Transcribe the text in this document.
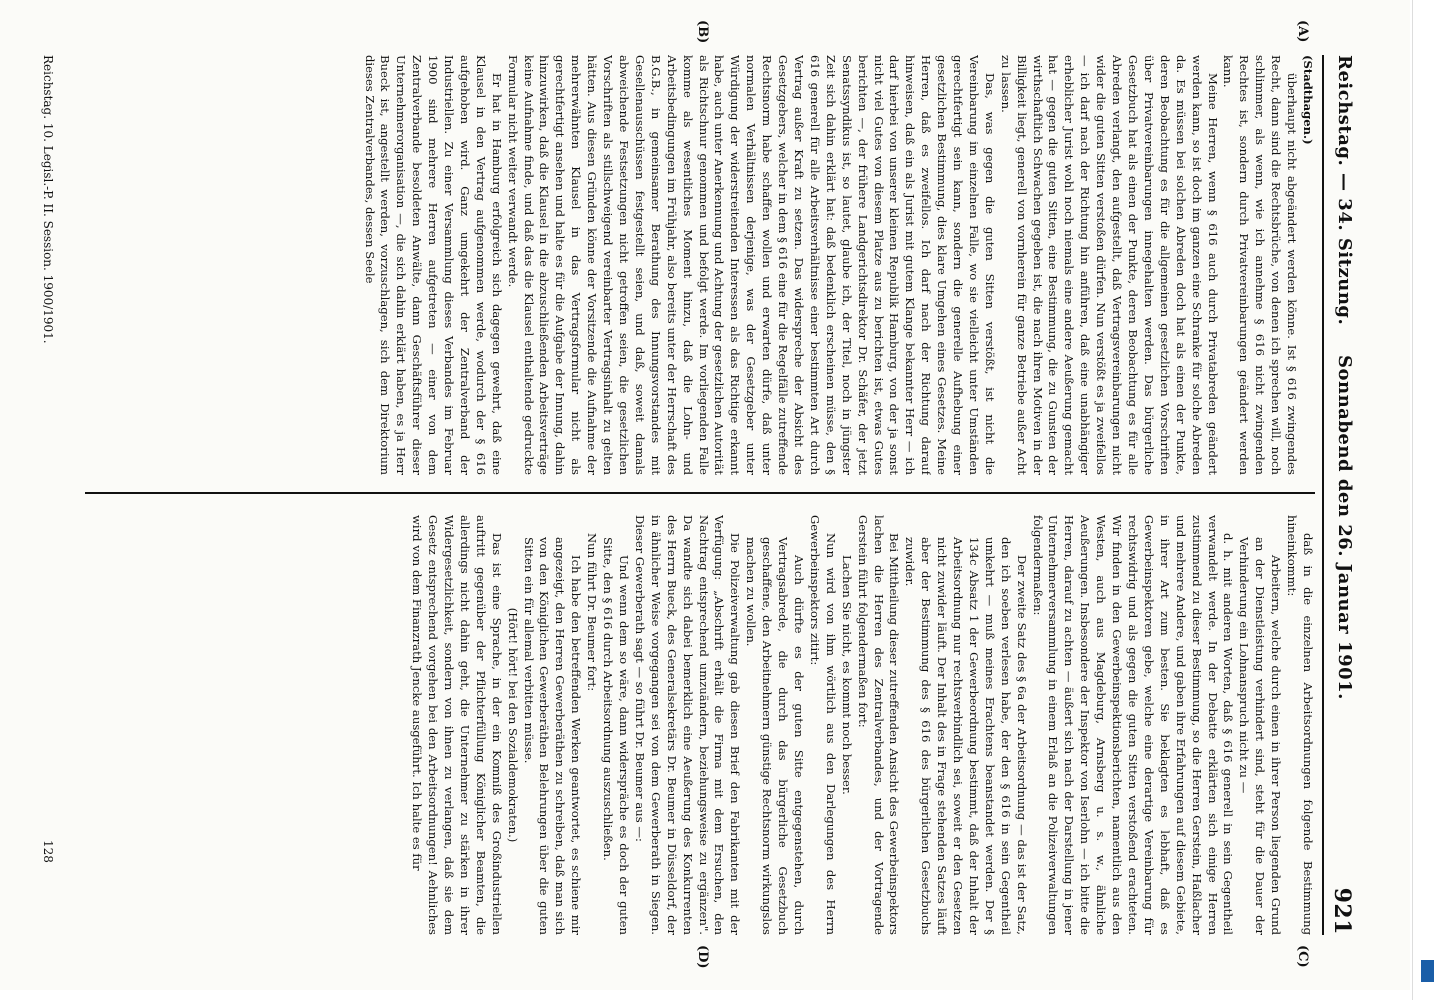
Reichstag. — 34. Sitzung.
Sonnabend den 26. Januar 1901.
921
(A)
(B)
(C)
(D)

(Stadthagen.)

überhaupt nicht abgeändert werden könne. Ist § 616 zwingendes Recht, dann sind die Rechtsbrüche, von denen ich sprechen will, noch schlimmer, als wenn, wie ich annehme § 616 nicht zwingenden Rechtes ist, sondern durch Privatvereinbarungen geändert werden kann.

Meine Herren, wenn § 616 auch durch Privatabreden geändert werden kann, so ist doch im ganzen eine Schranke für solche Abreden da. Es müssen bei solchen Abreden doch hat als einen der Punkte, deren Beobachtung es für die allgemeinen gesetzlichen Vorschriften über Privatvereinbarungen innegehalten werden. Das bürgerliche Gesetzbuch hat als einen der Punkte, deren Beobachtung es für alle Abreden verlangt, den aufgestellt, daß Vertragsvereinbarungen nicht wider die guten Sitten verstoßen dürfen. Nun verstößt es ja zweifellos — ich darf nach der Richtung hin anführen, daß eine unabhängiger erheblicher Jurist wohl noch niemals eine andere Aeußerung gemacht hat — gegen die guten Sitten, eine Bestimmung, die zu Gunsten der wirthschaftlich Schwachen gegeben ist, die nach ihren Motiven in der Billigkeit liegt, generell von vornherein für ganze Betriebe außer Acht zu lassen.

Das, was gegen die guten Sitten verstößt, ist nicht die Vereinbarung im einzelnen Falle, wo sie vielleicht unter Umständen gerechtfertigt sein kann, sondern die generelle Aufhebung einer gesetzlichen Bestimmung, dies klare Umgehen eines Gesetzes. Meine Herren, daß es zweifellos. Ich darf nach der Richtung darauf hinweisen, daß ein als Jurist mit gutem Klange bekannter Herr — ich darf hierbei von unserer kleinen Republik Hamburg, von der ja sonst nicht viel Gutes von diesem Platze aus zu berichten ist, etwas Gutes berichten —, der frühere Landgerichtsdirektor Dr. Schäfer, der jetzt Senatssyndikus ist, so lautet, glaube ich, der Titel, noch in jüngster Zeit sich dahin erklärt hat: daß bedenklich erscheinen müsse, den § 616 generell für alle Arbeitsverhältnisse einer bestimmten Art durch Vertrag außer Kraft zu setzen. Das widerspreche der Absicht des Gesetzgebers, welcher in dem § 616 eine für die Regelfälle zutreffende Rechtsnorm habe schaffen wollen und erwarten dürfe, daß unter normalen Verhältnissen derjenige, was der Gesetzgeber unter Würdigung der widerstreitenden Interessen als das Richtige erkannt habe, auch unter Anerkennung und Achtung der gesetzlichen Autorität als Richtschnur genommen und befolgt werde. Im vorliegenden Falle komme als wesentliches Moment hinzu, daß die Lohn- und Arbeitsbedingungen im Frühjahr, also bereits unter der Herrschaft des B.G.B., in gemeinsamer Berathung des Innungsvorstandes mit Gesellenausschüssen festgestellt seien, und daß, soweit damals abweichende Festsetzungen nicht getroffen seien, die gesetzlichen Vorschriften als stillschweigend vereinbarter Vertragsinhalt zu gelten hätten. Aus diesen Gründen könne der Vorsitzende die Aufnahme der mehrerwähnten Klausel in das Vertragsformular nicht als gerechtfertigt ansehen und halte es für die Aufgabe der Innung, dahin hinzuwirken, daß die Klausel in die abzuschließenden Arbeitsverträge keine Aufnahme finde, und daß das die Klausel enthaltende gedruckte Formular nicht weiter verwandt werde.

Er hat in Hamburg erfolgreich sich dagegen gewehrt, daß eine Klausel in den Vertrag aufgenommen werde, wodurch der § 616 aufgehoben wird. Ganz umgekehrt der Zentralverband der Industriellen. Zu einer Versammlung dieses Verbandes im Februar 1900 sind mehrere Herren aufgetreten — einer von dem Zentralverbande besoldeten Anwälte, dann Geschäftsführer dieser Unternehmerorganisation —, die sich dahin erklärt haben, es ja Herr Bueck ist, angestellt werden, vorzuschlagen, sich dem Direktorium dieses Zentralverbandes, dessen Seele

daß in die einzelnen Arbeitsordnungen folgende Bestimmung hineinkommt:

Arbeitern, welche durch einen in ihrer Person liegenden Grund an der Dienstleistung verhindert sind, steht für die Dauer der Verhinderung ein Lohnanspruch nicht zu —

d. h. mit anderen Worten, daß § 616 generell in sein Gegentheil verwandelt werde. In der Debatte erklärten sich einige Herren zustimmend zu dieser Bestimmung, so die Herren Gerstein, Haßlacher und mehrere Andere, und gaben ihre Erfahrungen auf diesem Gebiete, in ihrer Art zum besten. Sie beklagten es lebhaft, daß es Gewerbeinspektoren gebe, welche eine derartige Vereinbarung für rechtswidrig und als gegen die guten Sitten verstoßend erachteten. Wir finden in den Gewerbeinspektionsberichten, namentlich aus den Westen, auch aus Magdeburg, Arnsberg u. s. w., ähnliche Aeußerungen. Insbesondere der Inspektor von Iserlohn — ich bitte die Herren, darauf zu achten — äußert sich nach der Darstellung in jener Unternehmerversammlung in einem Erlaß an die Polizeiverwaltungen folgendermaßen:

Der zweite Satz des § 6a der Arbeitsordnung — das ist der Satz, den ich soeben verlesen habe, der den § 616 in sein Gegentheil umkehrt — muß meines Erachtens beanstandet werden. Der § 134c Absatz 1 der Gewerbeordnung bestimmt, daß der Inhalt der Arbeitsordnung nur rechtsverbindlich sei, soweit er den Gesetzen nicht zuwider läuft. Der Inhalt des in Frage stehenden Satzes läuft aber der Bestimmung des § 616 des bürgerlichen Gesetzbuchs zuwider.

Bei Mittheilung dieser zutreffenden Ansicht des Gewerbeinspektors lachen die Herren des Zentralverbandes, und der Vortragende Gerstein führt folgendermaßen fort:

Lachen Sie nicht, es kommt noch besser.

Nun wird von ihm wörtlich aus den Darlegungen des Herrn Gewerbeinspektors zitirt:

Auch dürfte es der guten Sitte entgegenstehen, durch Vertragsabrede, die durch das bürgerliche Gesetzbuch geschaffene, den Arbeitnehmern günstige Rechtsnorm wirkungslos machen zu wollen.

Die Polizeiverwaltung gab diesen Brief den Fabrikanten mit der Verfügung: „Abschrift erhält die Firma mit dem Ersuchen, den Nachtrag entsprechend umzuändern, beziehungsweise zu ergänzen". Da wandte sich dabei bemerklich eine Aeußerung des Konkurrenten des Herrn Bueck, des Generalsekretärs Dr. Beumer in Düsseldorf, der in ähnlicher Weise vorgegangen sei von dem Gewerberath in Siegen. Dieser Gewerberath sagt — so führt Dr. Beumer aus —:

Und wenn dem so wäre, dann widerspräche es doch der guten Sitte, den § 616 durch Arbeitsordnung auszuschließen.

Nun führt Dr. Beumer fort:

Ich habe den betreffenden Werken geantwortet, es schiene mir angezeigt, den Herren Gewerberäthen zu schreiben, daß man sich von den Königlichen Gewerberäthen Belehrungen über die guten Sitten ein für allemal verbitten müsse.

(Hört! hört! bei den Sozialdemokraten.)

Das ist eine Sprache, in der ein Komniß des Großindustriellen auftritt gegenüber der Pflichterfüllung Königlicher Beamten, die allerdings nicht dahin geht, die Unternehmer zu stärken in ihrer Widergesetzlichkeit, sondern von ihnen zu verlangen, daß sie dem Gesetz entsprechend vorgehen bei den Arbeitsordnungen! Aehnliches wird von dem Finanzrath Jencke ausgeführt. Ich halte es für

Reichstag. 10. Legisl.-P. II. Session. 1900/1901.
128
